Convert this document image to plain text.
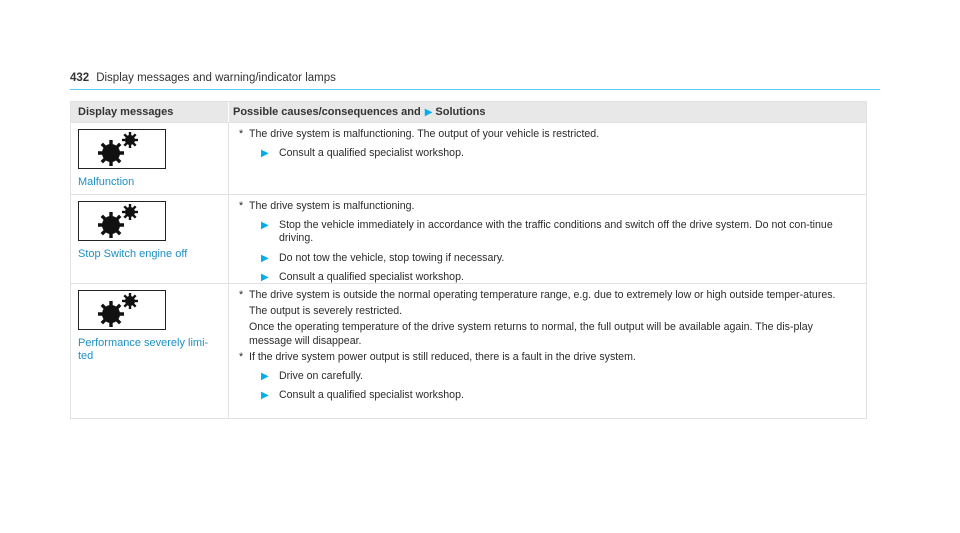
432 Display messages and warning/indicator lamps
Display messages	Possible causes/consequences and ▶ Solutions
Malfunction
* The drive system is malfunctioning. The output of your vehicle is restricted.
▶ Consult a qualified specialist workshop.
Stop Switch engine off
* The drive system is malfunctioning.
▶ Stop the vehicle immediately in accordance with the traffic conditions and switch off the drive system. Do not con-tinue driving.
▶ Do not tow the vehicle, stop towing if necessary.
▶ Consult a qualified specialist workshop.
Performance severely limi-ted
* The drive system is outside the normal operating temperature range, e.g. due to extremely low or high outside temper-atures.
The output is severely restricted.
Once the operating temperature of the drive system returns to normal, the full output will be available again. The dis-play message will disappear.
* If the drive system power output is still reduced, there is a fault in the drive system.
▶ Drive on carefully.
▶ Consult a qualified specialist workshop.
